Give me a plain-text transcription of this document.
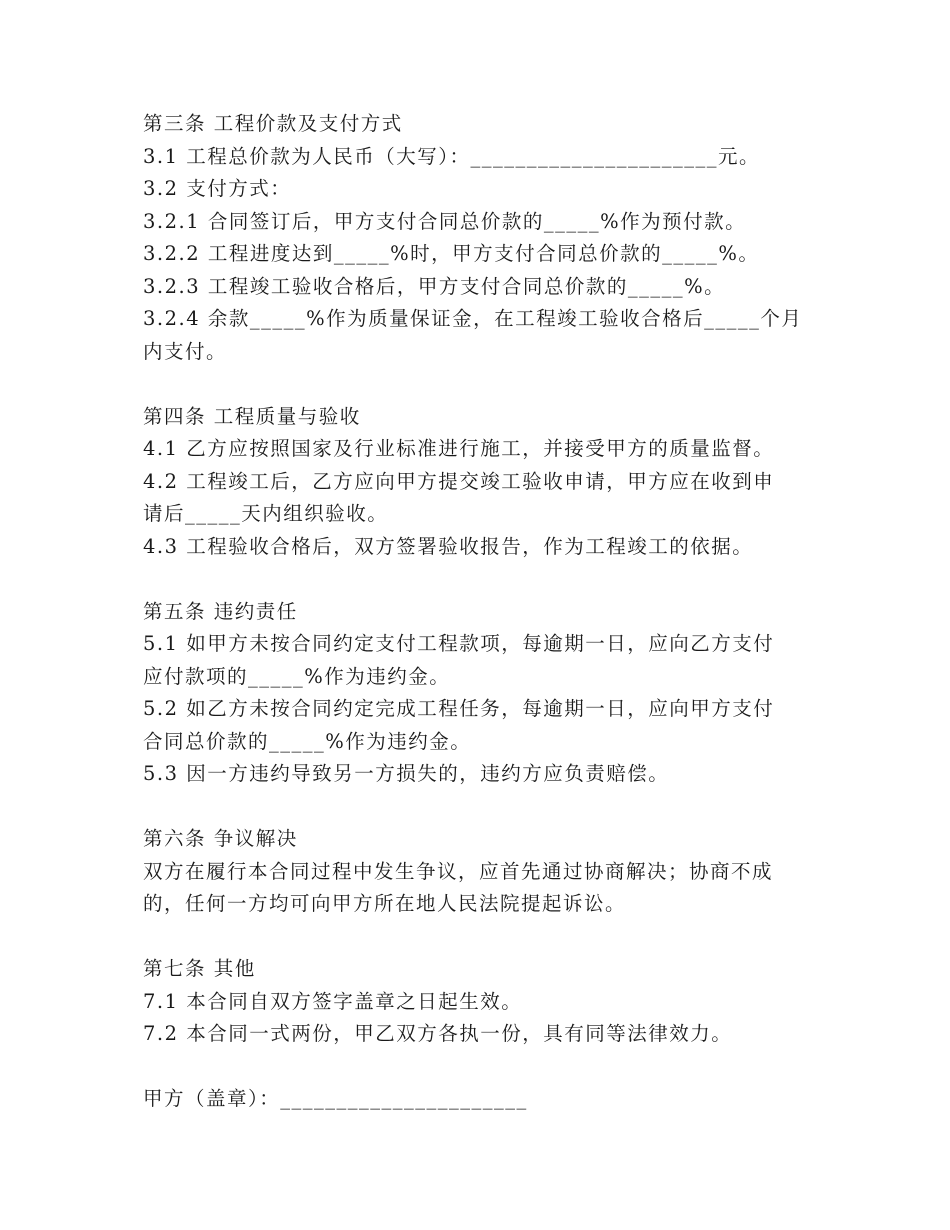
第三条 工程价款及支付方式
3.1 工程总价款为人民币（大写）：______________________元。
3.2 支付方式：
3.2.1 合同签订后，甲方支付合同总价款的_____%作为预付款。
3.2.2 工程进度达到_____%时，甲方支付合同总价款的_____%。
3.2.3 工程竣工验收合格后，甲方支付合同总价款的_____%。
3.2.4 余款_____%作为质量保证金，在工程竣工验收合格后_____个月
内支付。
第四条 工程质量与验收
4.1 乙方应按照国家及行业标准进行施工，并接受甲方的质量监督。
4.2 工程竣工后，乙方应向甲方提交竣工验收申请，甲方应在收到申
请后_____天内组织验收。
4.3 工程验收合格后，双方签署验收报告，作为工程竣工的依据。
第五条 违约责任
5.1 如甲方未按合同约定支付工程款项，每逾期一日，应向乙方支付
应付款项的_____%作为违约金。
5.2 如乙方未按合同约定完成工程任务，每逾期一日，应向甲方支付
合同总价款的_____%作为违约金。
5.3 因一方违约导致另一方损失的，违约方应负责赔偿。
第六条 争议解决
双方在履行本合同过程中发生争议，应首先通过协商解决；协商不成
的，任何一方均可向甲方所在地人民法院提起诉讼。
第七条 其他
7.1 本合同自双方签字盖章之日起生效。
7.2 本合同一式两份，甲乙双方各执一份，具有同等法律效力。
甲方（盖章）：______________________
